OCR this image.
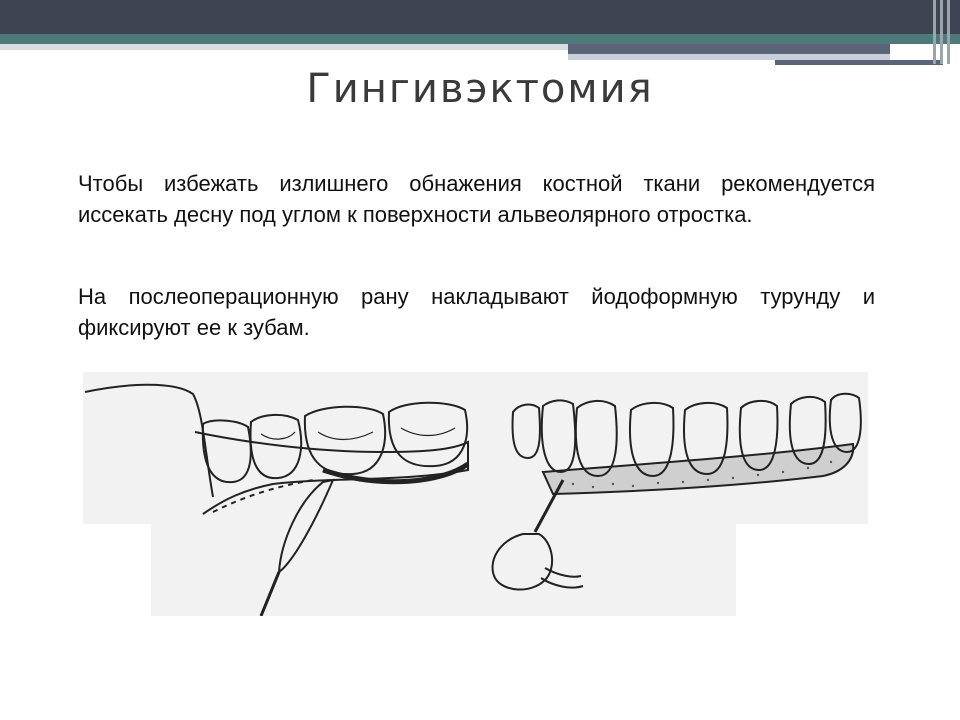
Гингивэктомия

Чтобы избежать излишнего обнажения костной ткани рекомендуется иссекать десну под углом к поверхности альвеолярного отростка.

На послеоперационную рану накладывают йодоформную турунду и фиксируют ее к зубам.
